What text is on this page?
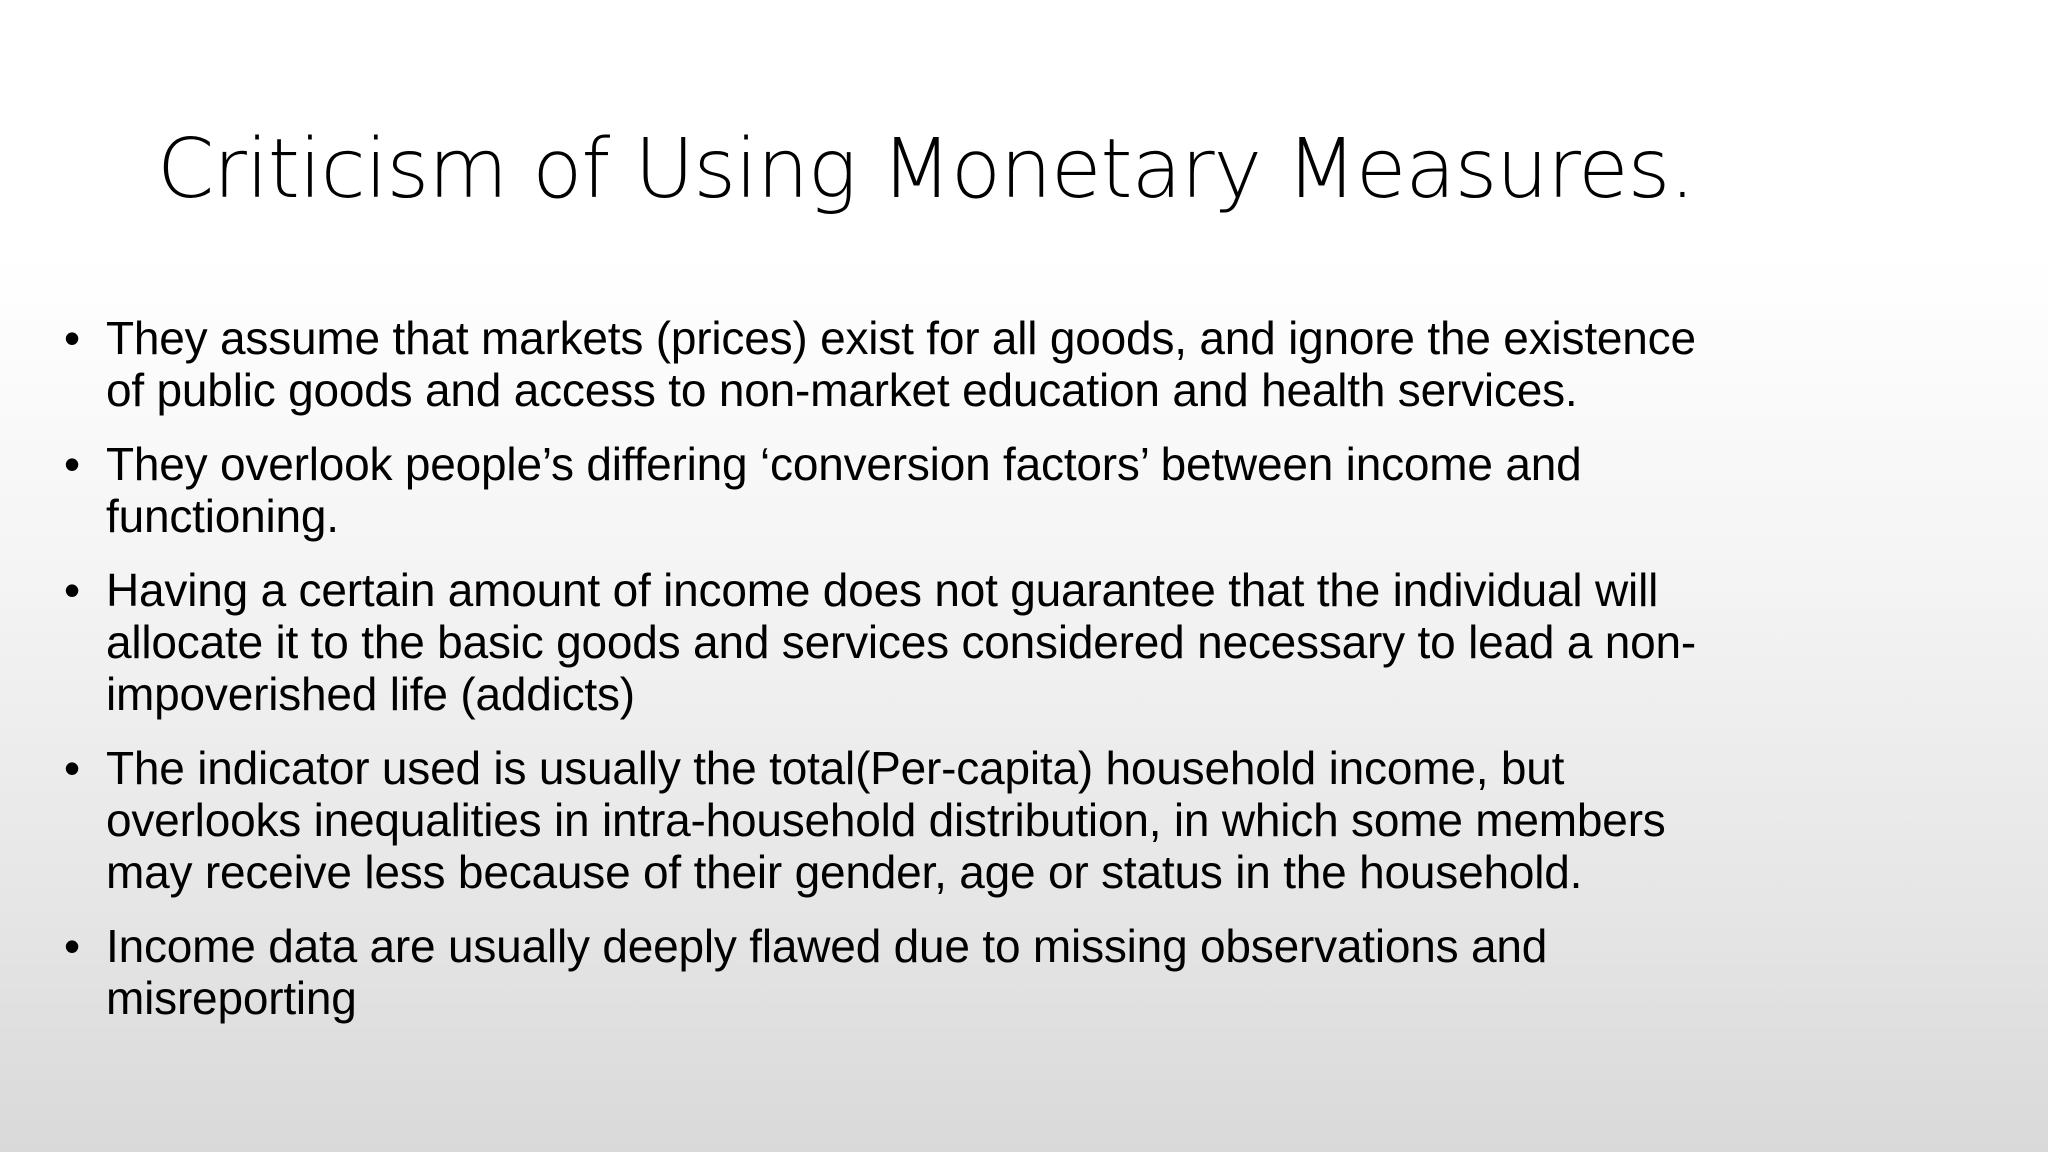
Criticism of Using Monetary Measures.
• They assume that markets (prices) exist for all goods, and ignore the existence
of public goods and access to non-market education and health services.
• They overlook people’s differing ‘conversion factors’ between income and
functioning.
• Having a certain amount of income does not guarantee that the individual will
allocate it to the basic goods and services considered necessary to lead a non-
impoverished life (addicts)
• The indicator used is usually the total(Per-capita) household income, but
overlooks inequalities in intra-household distribution, in which some members
may receive less because of their gender, age or status in the household.
• Income data are usually deeply flawed due to missing observations and
misreporting
